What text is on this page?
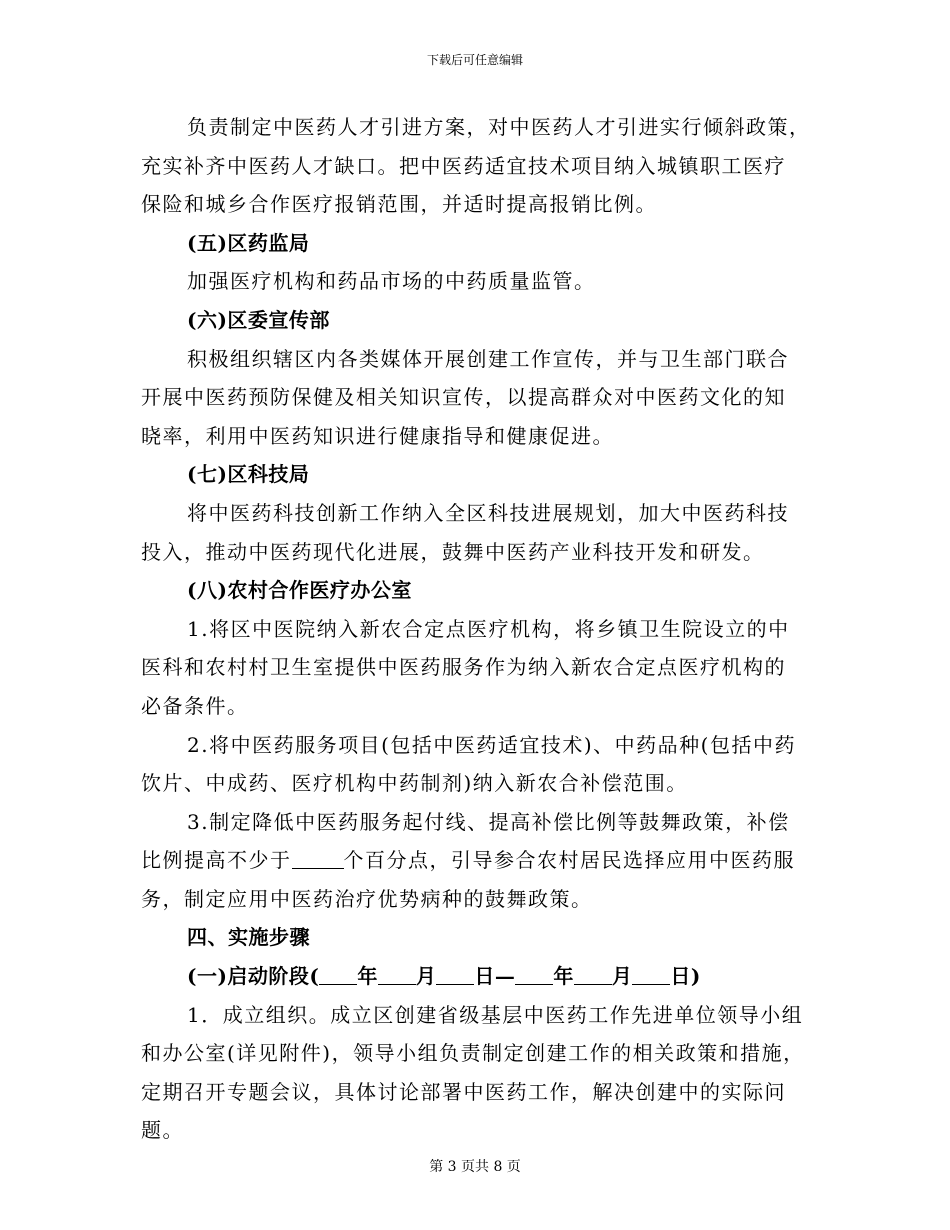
下载后可任意编辑
负责制定中医药人才引进方案，对中医药人才引进实行倾斜政策，
充实补齐中医药人才缺口。把中医药适宜技术项目纳入城镇职工医疗
保险和城乡合作医疗报销范围，并适时提高报销比例。
(五)区药监局
加强医疗机构和药品市场的中药质量监管。
(六)区委宣传部
积极组织辖区内各类媒体开展创建工作宣传，并与卫生部门联合
开展中医药预防保健及相关知识宣传，以提高群众对中医药文化的知
晓率，利用中医药知识进行健康指导和健康促进。
(七)区科技局
将中医药科技创新工作纳入全区科技进展规划，加大中医药科技
投入，推动中医药现代化进展，鼓舞中医药产业科技开发和研发。
(八)农村合作医疗办公室
1.将区中医院纳入新农合定点医疗机构，将乡镇卫生院设立的中
医科和农村村卫生室提供中医药服务作为纳入新农合定点医疗机构的
必备条件。
2.将中医药服务项目(包括中医药适宜技术)、中药品种(包括中药
饮片、中成药、医疗机构中药制剂)纳入新农合补偿范围。
3.制定降低中医药服务起付线、提高补偿比例等鼓舞政策，补偿
比例提高不少于	个百分点，引导参合农村居民选择应用中医药服
务，制定应用中医药治疗优势病种的鼓舞政策。
四、实施步骤
(一)启动阶段( 年 月 日— 年 月 日)
1．成立组织。成立区创建省级基层中医药工作先进单位领导小组
和办公室(详见附件)，领导小组负责制定创建工作的相关政策和措施，
定期召开专题会议，具体讨论部署中医药工作，解决创建中的实际问
题。
第 3 页共 8 页
